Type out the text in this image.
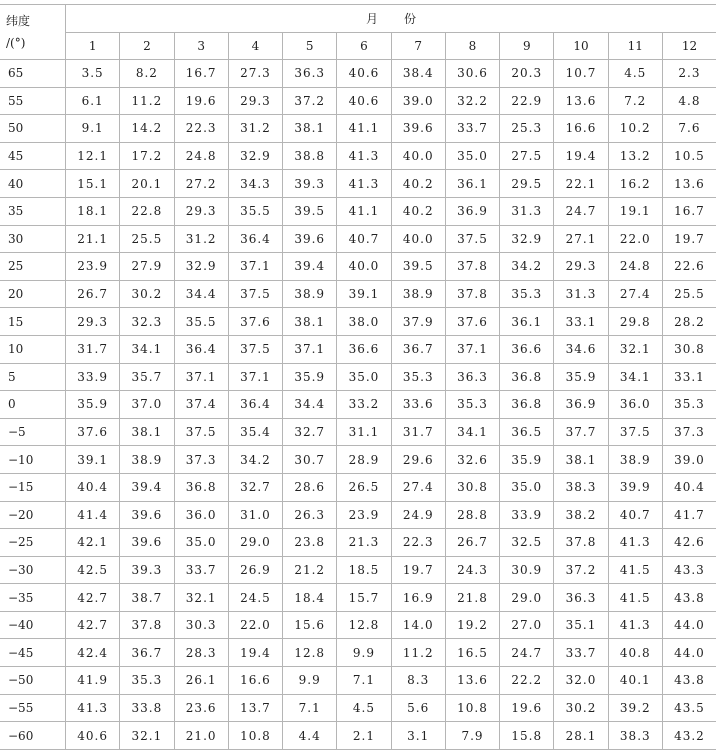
纬度
/(°)	月 份											
	1	2	3	4	5	6	7	8	9	10	11	12
65	3.5	8.2	16.7	27.3	36.3	40.6	38.4	30.6	20.3	10.7	4.5	2.3
55	6.1	11.2	19.6	29.3	37.2	40.6	39.0	32.2	22.9	13.6	7.2	4.8
50	9.1	14.2	22.3	31.2	38.1	41.1	39.6	33.7	25.3	16.6	10.2	7.6
45	12.1	17.2	24.8	32.9	38.8	41.3	40.0	35.0	27.5	19.4	13.2	10.5
40	15.1	20.1	27.2	34.3	39.3	41.3	40.2	36.1	29.5	22.1	16.2	13.6
35	18.1	22.8	29.3	35.5	39.5	41.1	40.2	36.9	31.3	24.7	19.1	16.7
30	21.1	25.5	31.2	36.4	39.6	40.7	40.0	37.5	32.9	27.1	22.0	19.7
25	23.9	27.9	32.9	37.1	39.4	40.0	39.5	37.8	34.2	29.3	24.8	22.6
20	26.7	30.2	34.4	37.5	38.9	39.1	38.9	37.8	35.3	31.3	27.4	25.5
15	29.3	32.3	35.5	37.6	38.1	38.0	37.9	37.6	36.1	33.1	29.8	28.2
10	31.7	34.1	36.4	37.5	37.1	36.6	36.7	37.1	36.6	34.6	32.1	30.8
5	33.9	35.7	37.1	37.1	35.9	35.0	35.3	36.3	36.8	35.9	34.1	33.1
0	35.9	37.0	37.4	36.4	34.4	33.2	33.6	35.3	36.8	36.9	36.0	35.3
−5	37.6	38.1	37.5	35.4	32.7	31.1	31.7	34.1	36.5	37.7	37.5	37.3
−10	39.1	38.9	37.3	34.2	30.7	28.9	29.6	32.6	35.9	38.1	38.9	39.0
−15	40.4	39.4	36.8	32.7	28.6	26.5	27.4	30.8	35.0	38.3	39.9	40.4
−20	41.4	39.6	36.0	31.0	26.3	23.9	24.9	28.8	33.9	38.2	40.7	41.7
−25	42.1	39.6	35.0	29.0	23.8	21.3	22.3	26.7	32.5	37.8	41.3	42.6
−30	42.5	39.3	33.7	26.9	21.2	18.5	19.7	24.3	30.9	37.2	41.5	43.3
−35	42.7	38.7	32.1	24.5	18.4	15.7	16.9	21.8	29.0	36.3	41.5	43.8
−40	42.7	37.8	30.3	22.0	15.6	12.8	14.0	19.2	27.0	35.1	41.3	44.0
−45	42.4	36.7	28.3	19.4	12.8	9.9	11.2	16.5	24.7	33.7	40.8	44.0
−50	41.9	35.3	26.1	16.6	9.9	7.1	8.3	13.6	22.2	32.0	40.1	43.8
−55	41.3	33.8	23.6	13.7	7.1	4.5	5.6	10.8	19.6	30.2	39.2	43.5
−60	40.6	32.1	21.0	10.8	4.4	2.1	3.1	7.9	15.8	28.1	38.3	43.2
